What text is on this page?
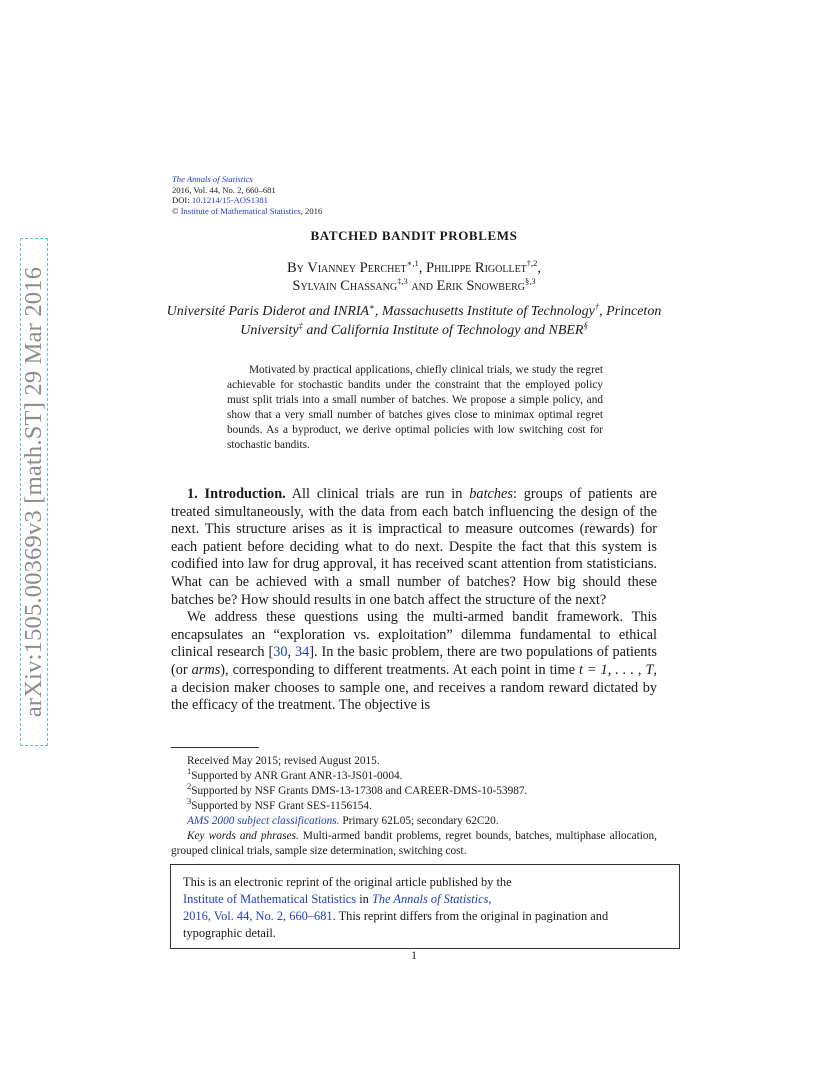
arXiv:1505.00369v3 [math.ST] 29 Mar 2016
The Annals of Statistics
2016, Vol. 44, No. 2, 660–681
DOI: 10.1214/15-AOS1381
© Institute of Mathematical Statistics, 2016
BATCHED BANDIT PROBLEMS
By Vianney Perchet$^{∗,1}$, Philippe Rigollet$^{\dagger,2}$,
Sylvain Chassang$^{\ddagger,3}$ and Erik Snowberg$^{\S,3}$
Université Paris Diderot and INRIA∗, Massachusetts Institute of Technology†, Princeton University‡ and California Institute of Technology and NBER§
Motivated by practical applications, chiefly clinical trials, we study the regret achievable for stochastic bandits under the constraint that the employed policy must split trials into a small number of batches. We propose a simple policy, and show that a very small number of batches gives close to minimax optimal regret bounds. As a byproduct, we derive optimal policies with low switching cost for stochastic bandits.

1. Introduction. All clinical trials are run in batches: groups of patients are treated simultaneously, with the data from each batch influencing the design of the next. This structure arises as it is impractical to measure outcomes (rewards) for each patient before deciding what to do next. Despite the fact that this system is codified into law for drug approval, it has received scant attention from statisticians. What can be achieved with a small number of batches? How big should these batches be? How should results in one batch affect the structure of the next?

We address these questions using the multi-armed bandit framework. This encapsulates an “exploration vs. exploitation” dilemma fundamental to ethical clinical research [30, 34]. In the basic problem, there are two populations of patients (or arms), corresponding to different treatments. At each point in time t = 1, . . . , T, a decision maker chooses to sample one, and receives a random reward dictated by the efficacy of the treatment. The objective is

Received May 2015; revised August 2015.
$^1$Supported by ANR Grant ANR-13-JS01-0004.
$^2$Supported by NSF Grants DMS-13-17308 and CAREER-DMS-10-53987.
$^3$Supported by NSF Grant SES-1156154.
AMS 2000 subject classifications. Primary 62L05; secondary 62C20.
Key words and phrases. Multi-armed bandit problems, regret bounds, batches, multiphase allocation, grouped clinical trials, sample size determination, switching cost.
This is an electronic reprint of the original article published by the
Institute of Mathematical Statistics in The Annals of Statistics,
2016, Vol. 44, No. 2, 660–681. This reprint differs from the original in pagination and typographic detail.
1
